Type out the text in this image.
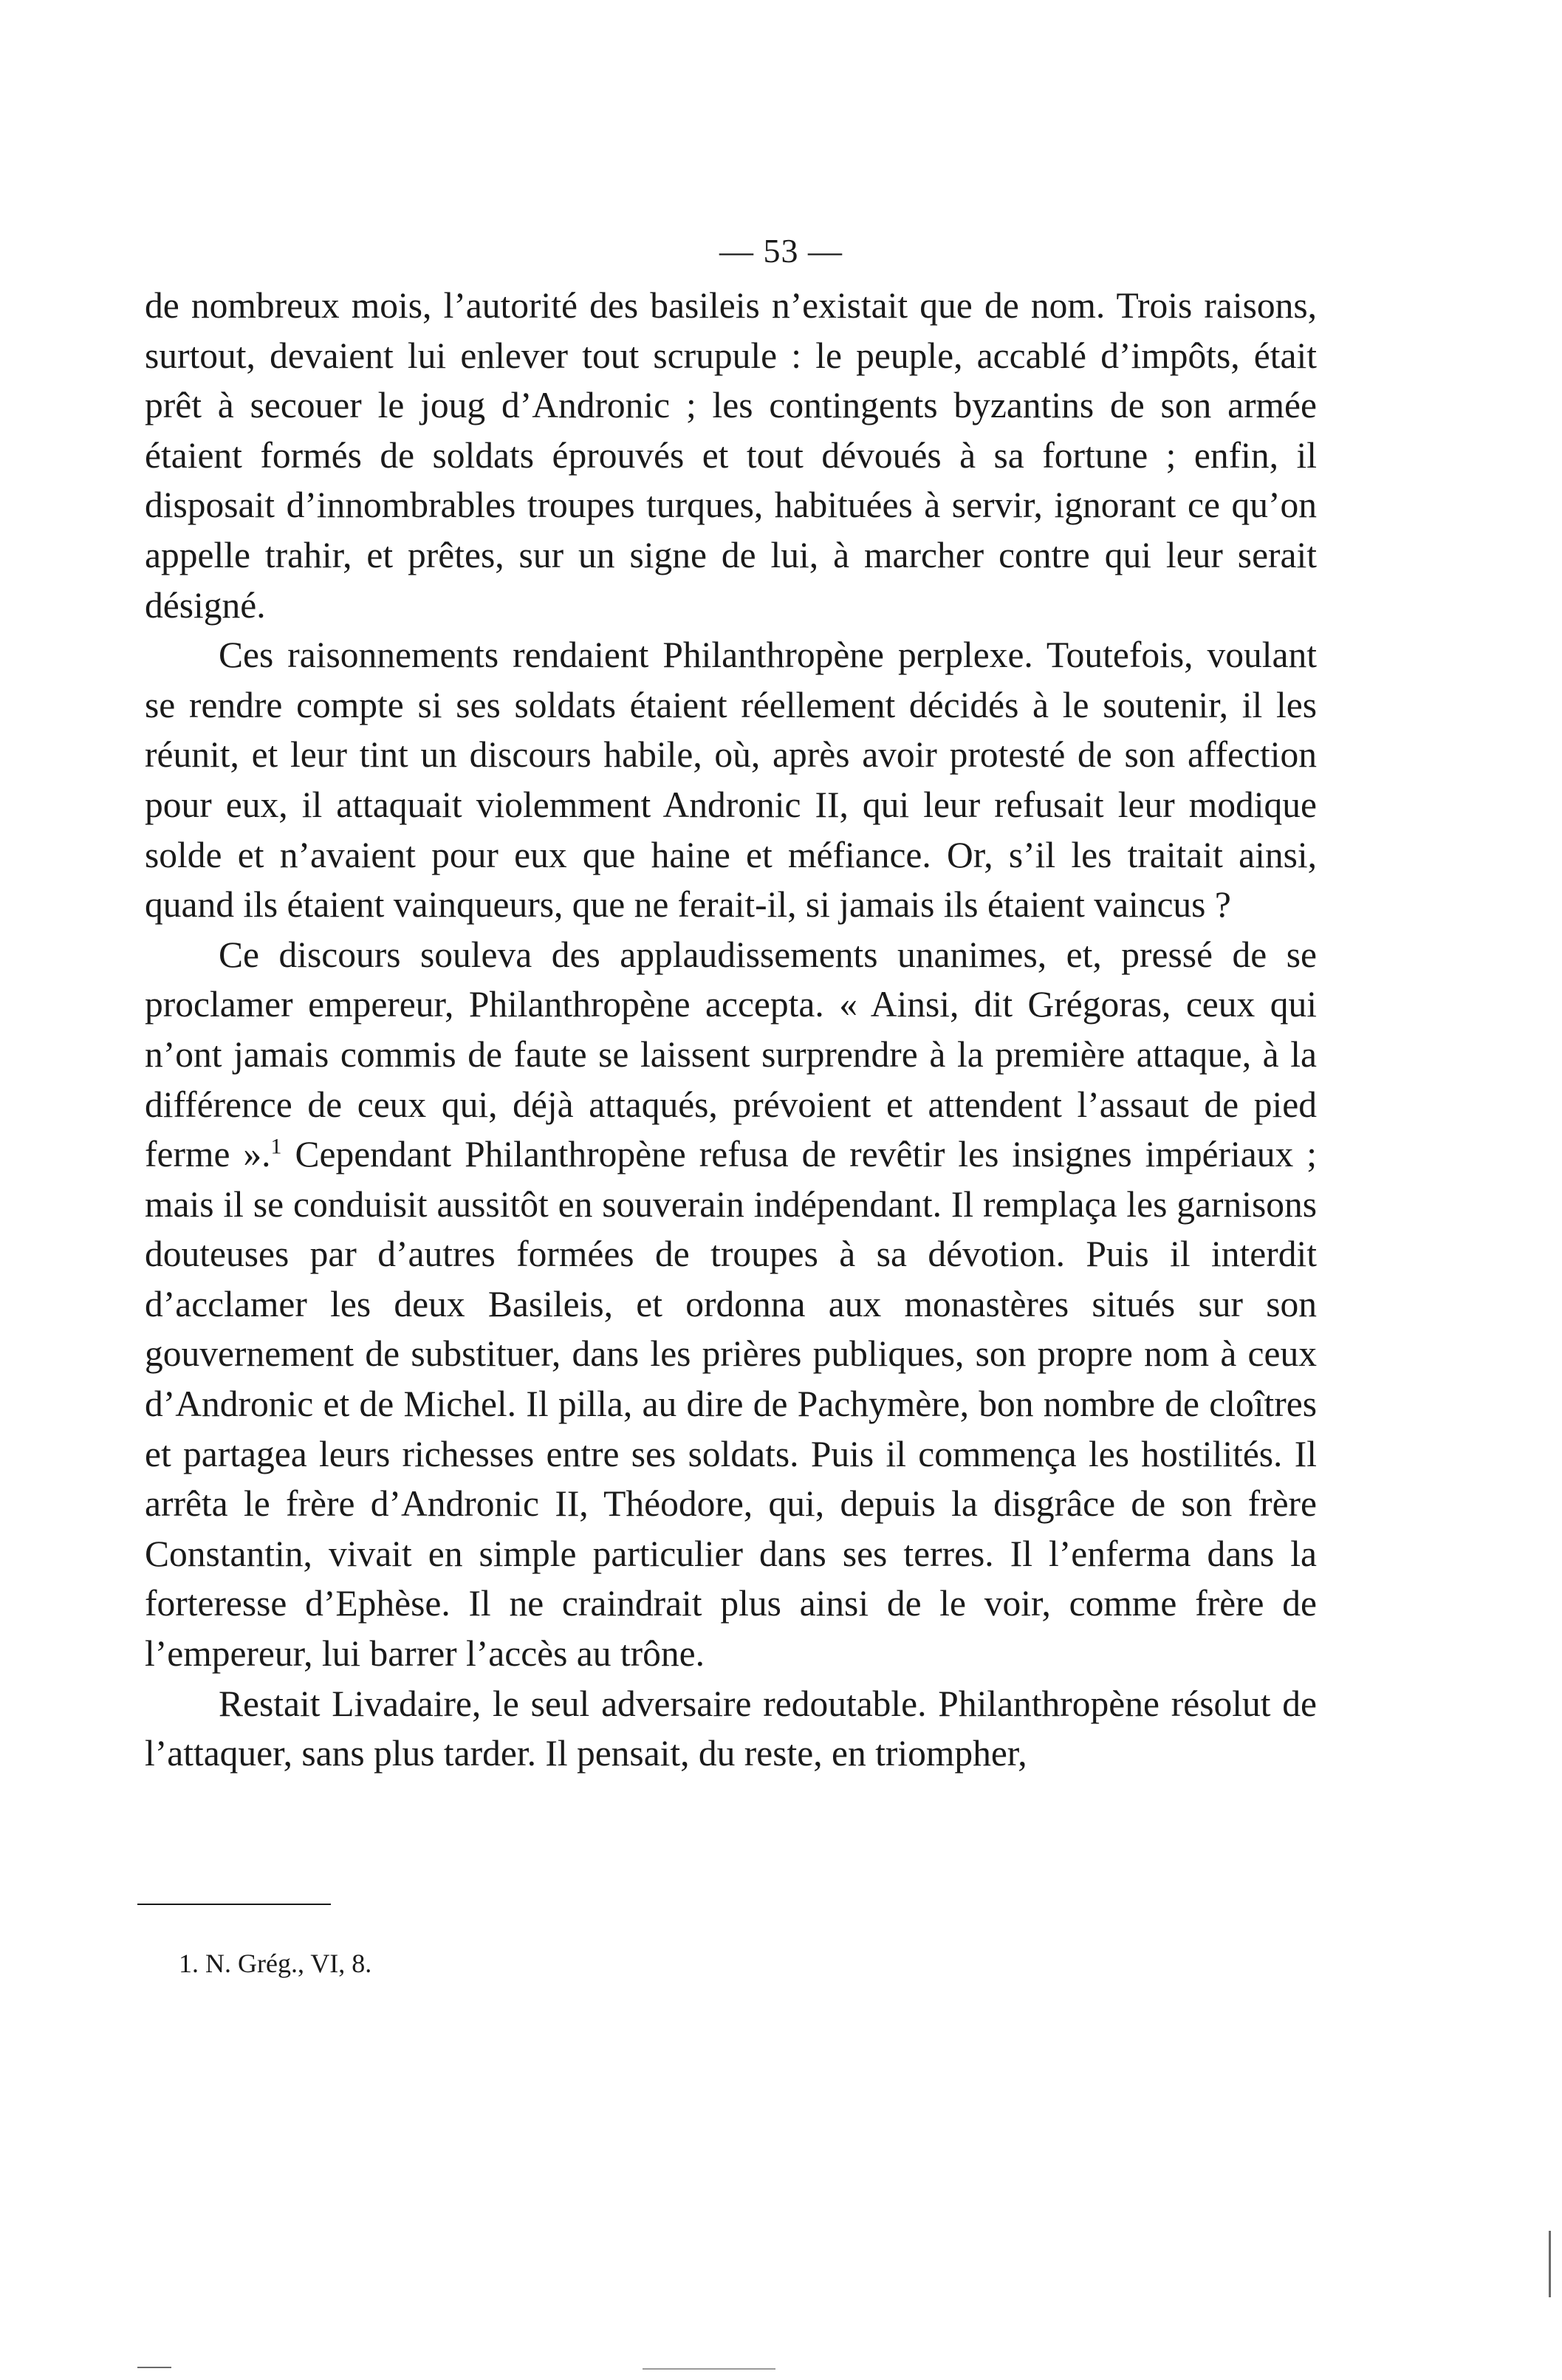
— 53 —

de nombreux mois, l’autorité des basileis n’existait que de nom. Trois raisons, surtout, devaient lui enlever tout scrupule : le peuple, accablé d’impôts, était prêt à secouer le joug d’Andronic ; les contingents byzantins de son armée étaient formés de soldats éprouvés et tout dévoués à sa fortune ; enfin, il disposait d’innombrables troupes turques, habituées à servir, ignorant ce qu’on appelle trahir, et prêtes, sur un signe de lui, à marcher contre qui leur serait désigné.

Ces raisonnements rendaient Philanthropène perplexe. Toutefois, voulant se rendre compte si ses soldats étaient réellement décidés à le soutenir, il les réunit, et leur tint un discours habile, où, après avoir protesté de son affection pour eux, il attaquait violemment Andronic II, qui leur refusait leur modique solde et n’avaient pour eux que haine et méfiance. Or, s’il les traitait ainsi, quand ils étaient vainqueurs, que ne ferait-il, si jamais ils étaient vaincus ?

Ce discours souleva des applaudissements unanimes, et, pressé de se proclamer empereur, Philanthropène accepta. « Ainsi, dit Grégoras, ceux qui n’ont jamais commis de faute se laissent surprendre à la première attaque, à la différence de ceux qui, déjà attaqués, prévoient et attendent l’assaut de pied ferme ».$^1$ Cependant Philanthropène refusa de revêtir les insignes impériaux ; mais il se conduisit aussitôt en souverain indépendant. Il remplaça les garnisons douteuses par d’autres formées de troupes à sa dévotion. Puis il interdit d’acclamer les deux Basileis, et ordonna aux monastères situés sur son gouvernement de substituer, dans les prières publiques, son propre nom à ceux d’Andronic et de Michel. Il pilla, au dire de Pachymère, bon nombre de cloîtres et partagea leurs richesses entre ses soldats. Puis il commença les hostilités. Il arrêta le frère d’Andronic II, Théodore, qui, depuis la disgrâce de son frère Constantin, vivait en simple particulier dans ses terres. Il l’enferma dans la forteresse d’Ephèse. Il ne craindrait plus ainsi de le voir, comme frère de l’empereur, lui barrer l’accès au trône.

Restait Livadaire, le seul adversaire redoutable. Philanthropène résolut de l’attaquer, sans plus tarder. Il pensait, du reste, en triompher,

1. N. Grég., VI, 8.
